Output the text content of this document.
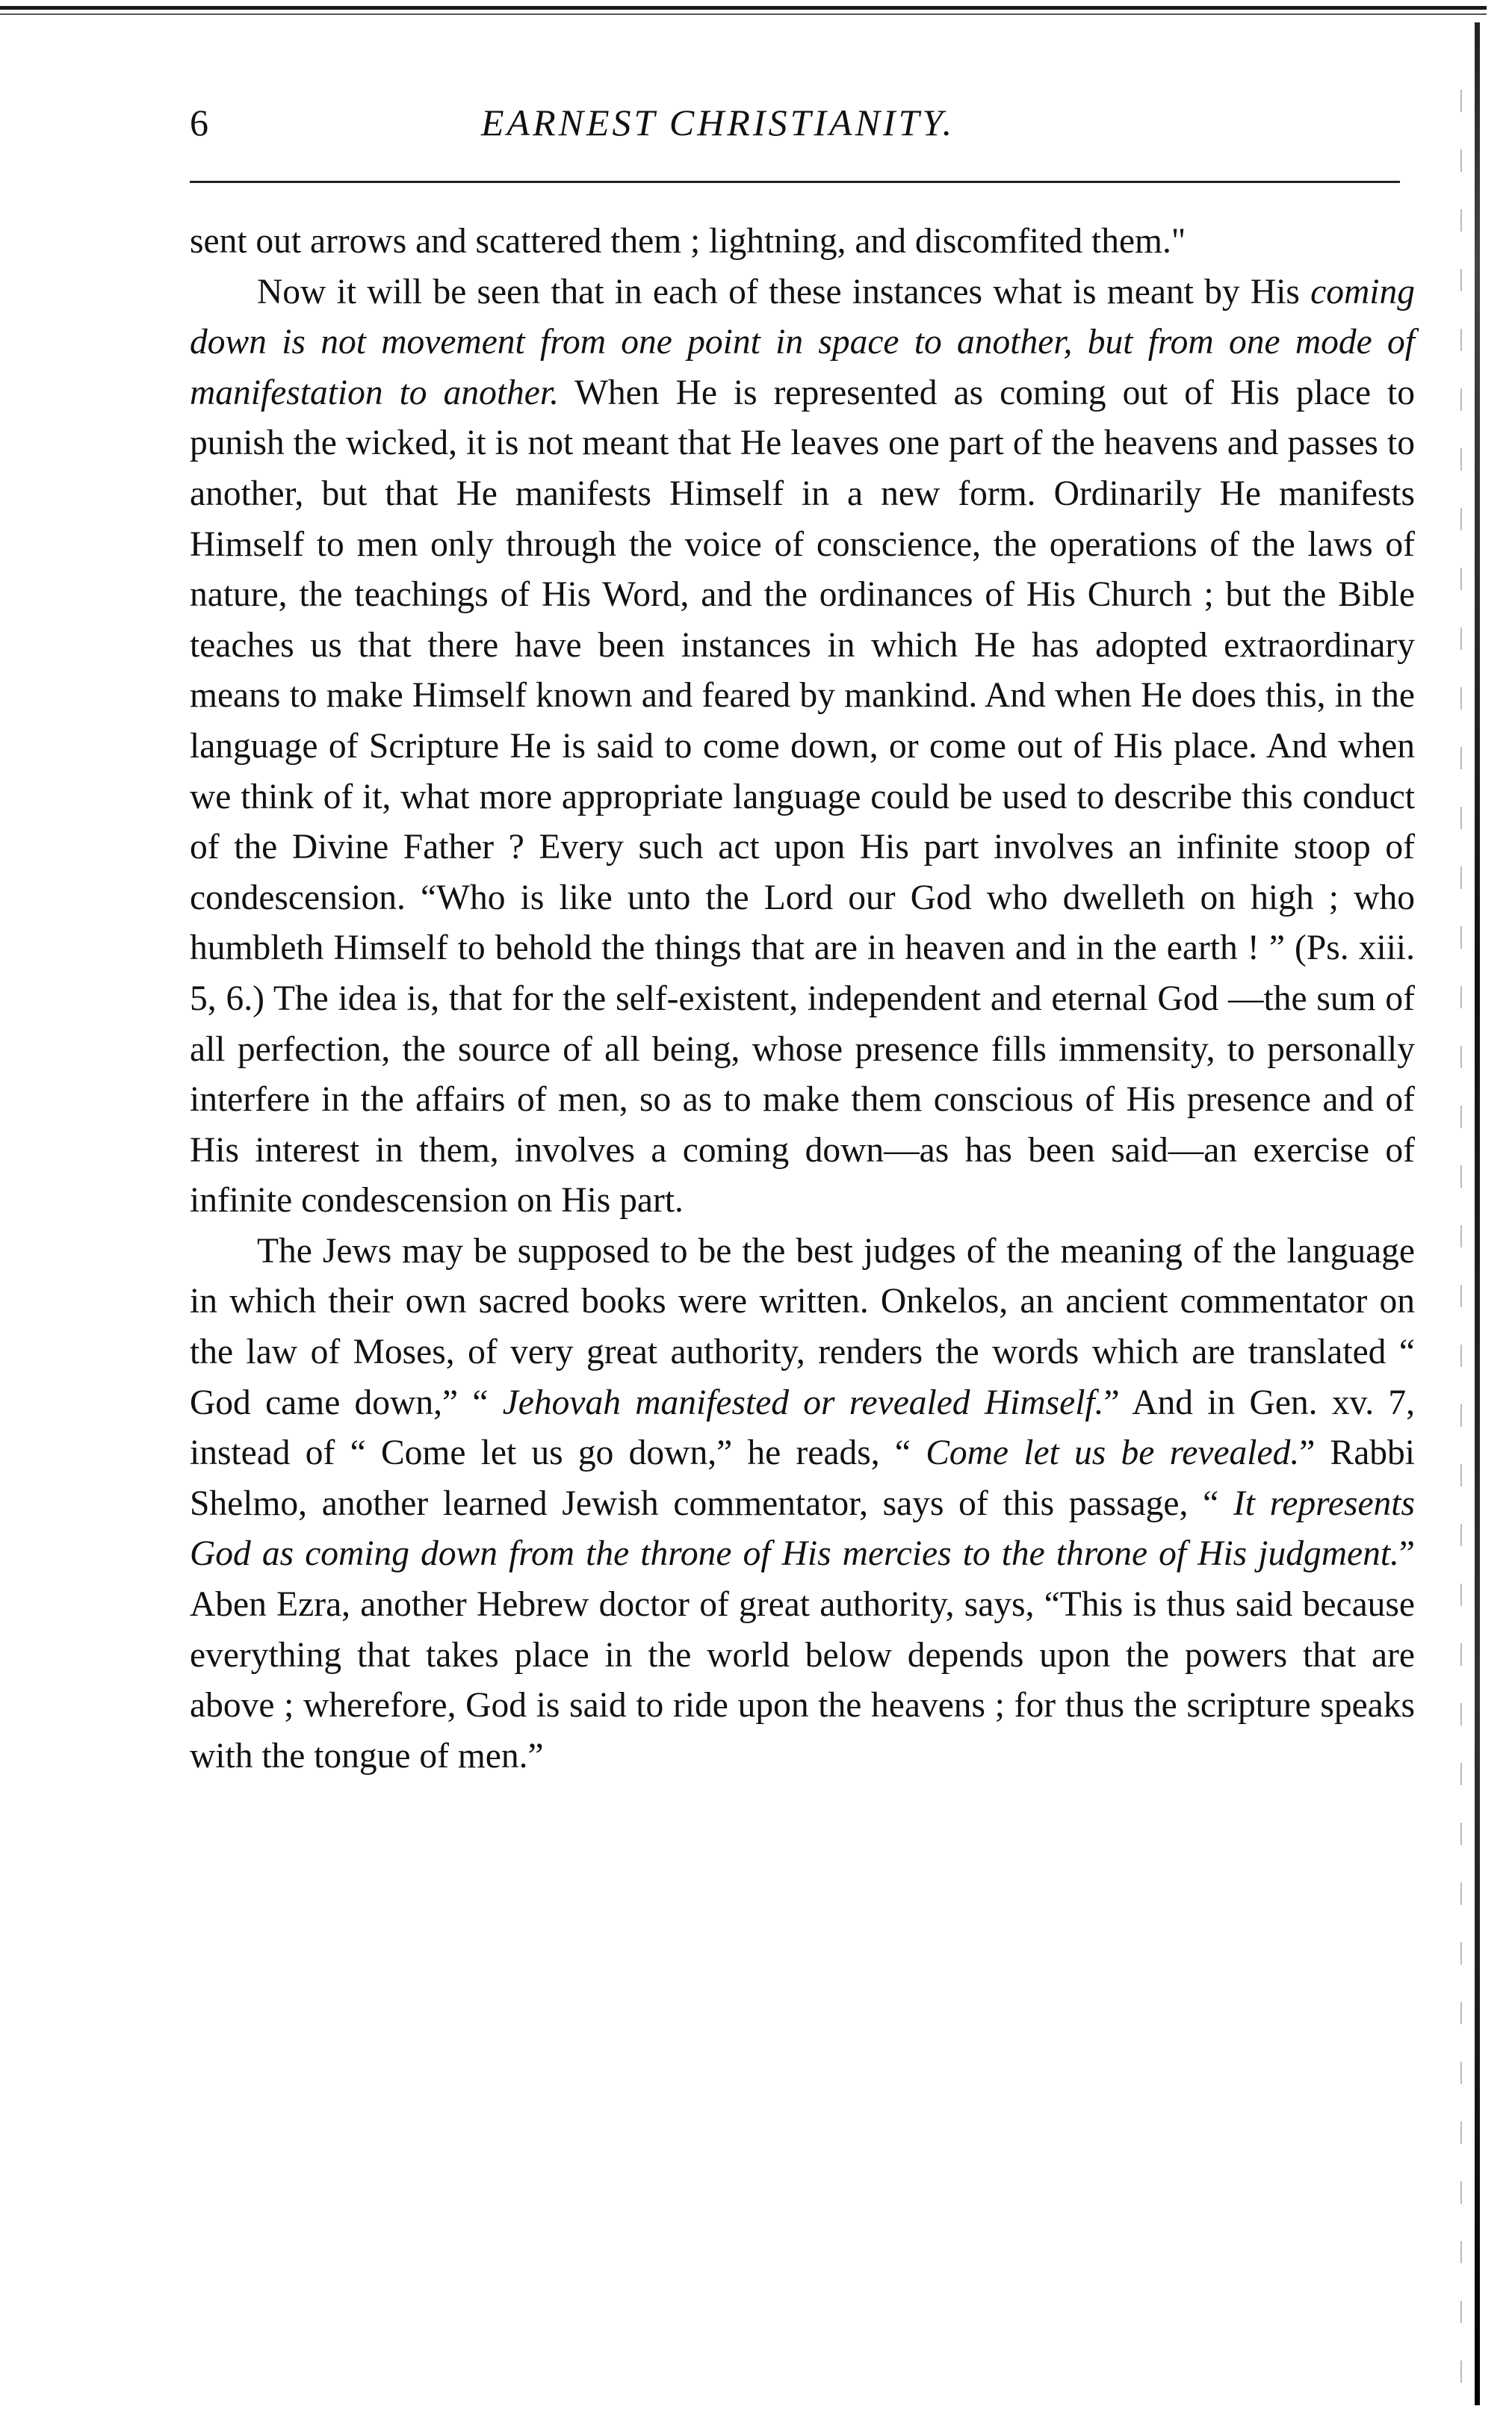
6	EARNEST CHRISTIANITY.

sent out arrows and scattered them ; lightning, and discomfited them."

Now it will be seen that in each of these instances what is meant by His coming down is not movement from one point in space to another, but from one mode of manifestation to another. When He is represented as coming out of His place to punish the wicked, it is not meant that He leaves one part of the heavens and passes to another, but that He manifests Himself in a new form. Ordinarily He manifests Himself to men only through the voice of conscience, the operations of the laws of nature, the teachings of His Word, and the ordinances of His Church ; but the Bible teaches us that there have been instances in which He has adopted extraordinary means to make Himself known and feared by mankind. And when He does this, in the language of Scripture He is said to come down, or come out of His place. And when we think of it, what more appropriate language could be used to describe this conduct of the Divine Father ? Every such act upon His part involves an infinite stoop of condescension. “Who is like unto the Lord our God who dwelleth on high ; who humbleth Himself to behold the things that are in heaven and in the earth ! ” (Ps. xiii. 5, 6.) The idea is, that for the self-existent, independent and eternal God —the sum of all perfection, the source of all being, whose presence fills immensity, to personally interfere in the affairs of men, so as to make them conscious of His presence and of His interest in them, involves a coming down—as has been said—an exercise of infinite condescension on His part.

The Jews may be supposed to be the best judges of the meaning of the language in which their own sacred books were written. Onkelos, an ancient commentator on the law of Moses, of very great authority, renders the words which are translated “ God came down,” “ Jehovah manifested or revealed Himself.” And in Gen. xv. 7, instead of “ Come let us go down,” he reads, “ Come let us be revealed.” Rabbi Shelmo, another learned Jewish commentator, says of this passage, “ It represents God as coming down from the throne of His mercies to the throne of His judgment.” Aben Ezra, another Hebrew doctor of great authority, says, “This is thus said because everything that takes place in the world below depends upon the powers that are above ; wherefore, God is said to ride upon the heavens ; for thus the scripture speaks with the tongue of men.”
